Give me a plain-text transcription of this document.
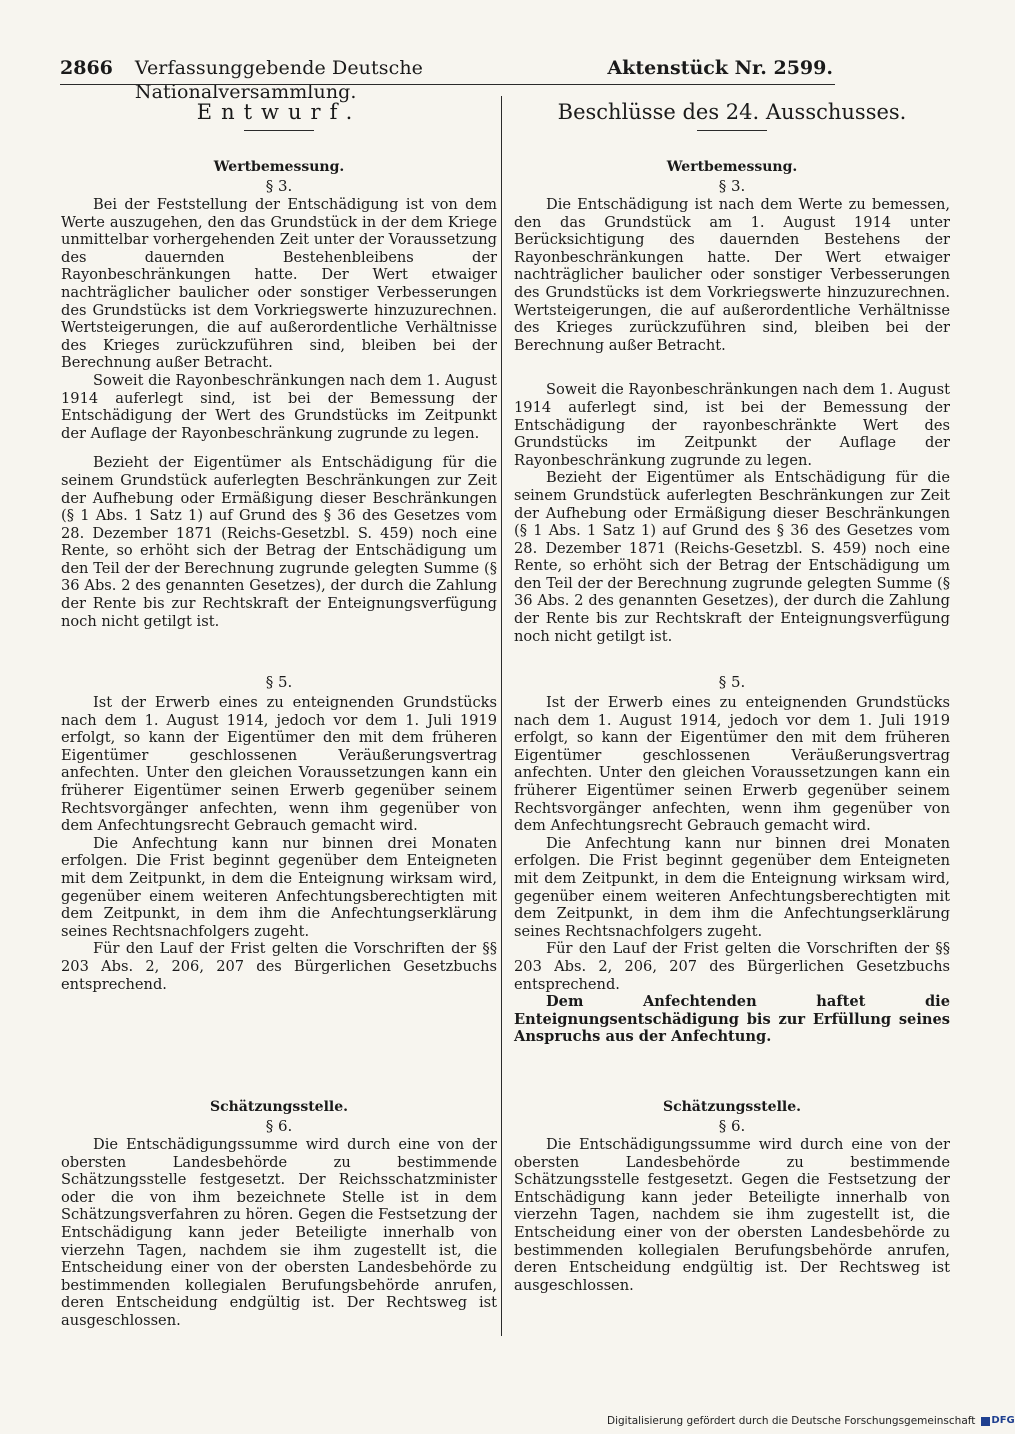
2866 Verfassunggebende Deutsche Nationalversammlung.
Aktenstück Nr. 2599.
Entwurf.

Wertbemessung.

§ 3.

Bei der Feststellung der Entschädigung ist von dem Werte auszugehen, den das Grundstück in der dem Kriege unmittelbar vorhergehenden Zeit unter der Voraussetzung des dauernden Bestehenbleibens der Rayonbeschränkungen hatte. Der Wert etwaiger nachträglicher baulicher oder sonstiger Verbesserungen des Grundstücks ist dem Vorkriegswerte hinzuzurechnen. Wertsteigerungen, die auf außerordentliche Verhältnisse des Krieges zurückzuführen sind, bleiben bei der Berechnung außer Betracht.

Soweit die Rayonbeschränkungen nach dem 1. August 1914 auferlegt sind, ist bei der Bemessung der Entschädigung der Wert des Grundstücks im Zeitpunkt der Auflage der Rayonbeschränkung zugrunde zu legen.

Bezieht der Eigentümer als Entschädigung für die seinem Grundstück auferlegten Beschränkungen zur Zeit der Aufhebung oder Ermäßigung dieser Beschränkungen (§ 1 Abs. 1 Satz 1) auf Grund des § 36 des Gesetzes vom 28. Dezember 1871 (Reichs-Gesetzbl. S. 459) noch eine Rente, so erhöht sich der Betrag der Entschädigung um den Teil der der Berechnung zugrunde gelegten Summe (§ 36 Abs. 2 des genannten Gesetzes), der durch die Zahlung der Rente bis zur Rechtskraft der Enteignungsverfügung noch nicht getilgt ist.

§ 5.

Ist der Erwerb eines zu enteignenden Grundstücks nach dem 1. August 1914, jedoch vor dem 1. Juli 1919 erfolgt, so kann der Eigentümer den mit dem früheren Eigentümer geschlossenen Veräußerungsvertrag anfechten. Unter den gleichen Voraussetzungen kann ein früherer Eigentümer seinen Erwerb gegenüber seinem Rechtsvorgänger anfechten, wenn ihm gegenüber von dem Anfechtungsrecht Gebrauch gemacht wird.

Die Anfechtung kann nur binnen drei Monaten erfolgen. Die Frist beginnt gegenüber dem Enteigneten mit dem Zeitpunkt, in dem die Enteignung wirksam wird, gegenüber einem weiteren Anfechtungsberechtigten mit dem Zeitpunkt, in dem ihm die Anfechtungserklärung seines Rechtsnachfolgers zugeht.

Für den Lauf der Frist gelten die Vorschriften der §§ 203 Abs. 2, 206, 207 des Bürgerlichen Gesetzbuchs entsprechend.

Schätzungsstelle.

§ 6.

Die Entschädigungssumme wird durch eine von der obersten Landesbehörde zu bestimmende Schätzungsstelle festgesetzt. Der Reichsschatzminister oder die von ihm bezeichnete Stelle ist in dem Schätzungsverfahren zu hören. Gegen die Festsetzung der Entschädigung kann jeder Beteiligte innerhalb von vierzehn Tagen, nachdem sie ihm zugestellt ist, die Entscheidung einer von der obersten Landesbehörde zu bestimmenden kollegialen Berufungsbehörde anrufen, deren Entscheidung endgültig ist. Der Rechtsweg ist ausgeschlossen.

Beschlüsse des 24. Ausschusses.

Wertbemessung.

§ 3.

Die Entschädigung ist nach dem Werte zu bemessen, den das Grundstück am 1. August 1914 unter Berücksichtigung des dauernden Bestehens der Rayonbeschränkungen hatte. Der Wert etwaiger nachträglicher baulicher oder sonstiger Verbesserungen des Grundstücks ist dem Vorkriegswerte hinzuzurechnen. Wertsteigerungen, die auf außerordentliche Verhältnisse des Krieges zurückzuführen sind, bleiben bei der Berechnung außer Betracht.

Soweit die Rayonbeschränkungen nach dem 1. August 1914 auferlegt sind, ist bei der Bemessung der Entschädigung der rayonbeschränkte Wert des Grundstücks im Zeitpunkt der Auflage der Rayonbeschränkung zugrunde zu legen.

Bezieht der Eigentümer als Entschädigung für die seinem Grundstück auferlegten Beschränkungen zur Zeit der Aufhebung oder Ermäßigung dieser Beschränkungen (§ 1 Abs. 1 Satz 1) auf Grund des § 36 des Gesetzes vom 28. Dezember 1871 (Reichs-Gesetzbl. S. 459) noch eine Rente, so erhöht sich der Betrag der Entschädigung um den Teil der der Berechnung zugrunde gelegten Summe (§ 36 Abs. 2 des genannten Gesetzes), der durch die Zahlung der Rente bis zur Rechtskraft der Enteignungsverfügung noch nicht getilgt ist.

§ 5.

Ist der Erwerb eines zu enteignenden Grundstücks nach dem 1. August 1914, jedoch vor dem 1. Juli 1919 erfolgt, so kann der Eigentümer den mit dem früheren Eigentümer geschlossenen Veräußerungsvertrag anfechten. Unter den gleichen Voraussetzungen kann ein früherer Eigentümer seinen Erwerb gegenüber seinem Rechtsvorgänger anfechten, wenn ihm gegenüber von dem Anfechtungsrecht Gebrauch gemacht wird.

Die Anfechtung kann nur binnen drei Monaten erfolgen. Die Frist beginnt gegenüber dem Enteigneten mit dem Zeitpunkt, in dem die Enteignung wirksam wird, gegenüber einem weiteren Anfechtungsberechtigten mit dem Zeitpunkt, in dem ihm die Anfechtungserklärung seines Rechtsnachfolgers zugeht.

Für den Lauf der Frist gelten die Vorschriften der §§ 203 Abs. 2, 206, 207 des Bürgerlichen Gesetzbuchs entsprechend.

Dem Anfechtenden haftet die Enteignungsentschädigung bis zur Erfüllung seines Anspruchs aus der Anfechtung.

Schätzungsstelle.

§ 6.

Die Entschädigungssumme wird durch eine von der obersten Landesbehörde zu bestimmende Schätzungsstelle festgesetzt. Gegen die Festsetzung der Entschädigung kann jeder Beteiligte innerhalb von vierzehn Tagen, nachdem sie ihm zugestellt ist, die Entscheidung einer von der obersten Landesbehörde zu bestimmenden kollegialen Berufungsbehörde anrufen, deren Entscheidung endgültig ist. Der Rechtsweg ist ausgeschlossen.

Digitalisierung gefördert durch die Deutsche Forschungsgemeinschaft DFG
